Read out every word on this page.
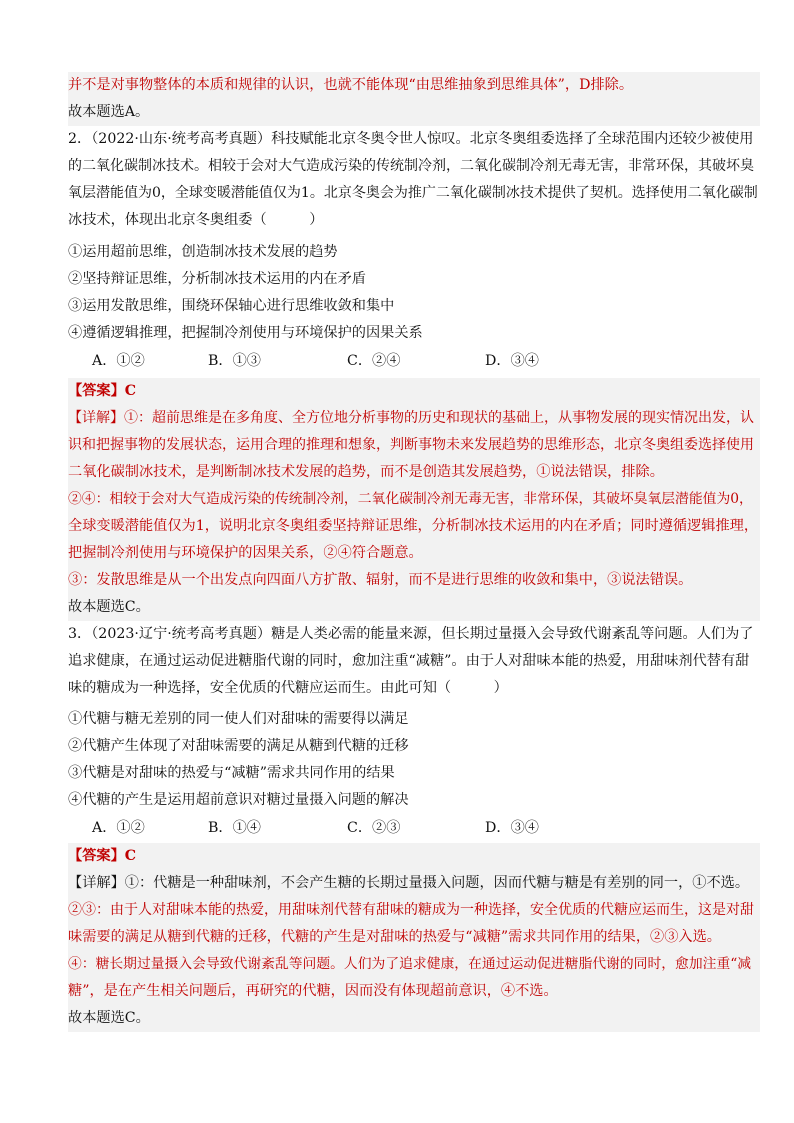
并不是对事物整体的本质和规律的认识，也就不能体现“由思维抽象到思维具体”，D排除。
故本题选A。
2．（2022·山东·统考高考真题）科技赋能北京冬奥令世人惊叹。北京冬奥组委选择了全球范围内还较少被使用
的二氧化碳制冰技术。相较于会对大气造成污染的传统制冷剂，二氧化碳制冷剂无毒无害，非常环保，其破坏臭
氧层潜能值为0，全球变暖潜能值仅为1。北京冬奥会为推广二氧化碳制冰技术提供了契机。选择使用二氧化碳制
冰技术，体现出北京冬奥组委（　　　）
①运用超前思维，创造制冰技术发展的趋势
②坚持辩证思维，分析制冰技术运用的内在矛盾
③运用发散思维，围绕环保轴心进行思维收敛和集中
④遵循逻辑推理，把握制冷剂使用与环境保护的因果关系
A．①②	B．①③	C．②④	D．③④
【答案】C
【详解】①：超前思维是在多角度、全方位地分析事物的历史和现状的基础上，从事物发展的现实情况出发，认
识和把握事物的发展状态，运用合理的推理和想象，判断事物未来发展趋势的思维形态，北京冬奥组委选择使用
二氧化碳制冰技术，是判断制冰技术发展的趋势，而不是创造其发展趋势，①说法错误，排除。
②④：相较于会对大气造成污染的传统制冷剂，二氧化碳制冷剂无毒无害，非常环保，其破坏臭氧层潜能值为0，
全球变暖潜能值仅为1，说明北京冬奥组委坚持辩证思维，分析制冰技术运用的内在矛盾；同时遵循逻辑推理，
把握制冷剂使用与环境保护的因果关系，②④符合题意。
③：发散思维是从一个出发点向四面八方扩散、辐射，而不是进行思维的收敛和集中，③说法错误。
故本题选C。
3．（2023·辽宁·统考高考真题）糖是人类必需的能量来源，但长期过量摄入会导致代谢紊乱等问题。人们为了
追求健康，在通过运动促进糖脂代谢的同时，愈加注重“减糖”。由于人对甜味本能的热爱，用甜味剂代替有甜
味的糖成为一种选择，安全优质的代糖应运而生。由此可知（　　　）
①代糖与糖无差别的同一使人们对甜味的需要得以满足
②代糖产生体现了对甜味需要的满足从糖到代糖的迁移
③代糖是对甜味的热爱与“减糖”需求共同作用的结果
④代糖的产生是运用超前意识对糖过量摄入问题的解决
A．①②	B．①④	C．②③	D．③④
【答案】C
【详解】①：代糖是一种甜味剂，不会产生糖的长期过量摄入问题，因而代糖与糖是有差别的同一，①不选。
②③：由于人对甜味本能的热爱，用甜味剂代替有甜味的糖成为一种选择，安全优质的代糖应运而生，这是对甜
味需要的满足从糖到代糖的迁移，代糖的产生是对甜味的热爱与“减糖”需求共同作用的结果，②③入选。
④：糖长期过量摄入会导致代谢紊乱等问题。人们为了追求健康，在通过运动促进糖脂代谢的同时，愈加注重“减
糖”，是在产生相关问题后，再研究的代糖，因而没有体现超前意识，④不选。
故本题选C。
